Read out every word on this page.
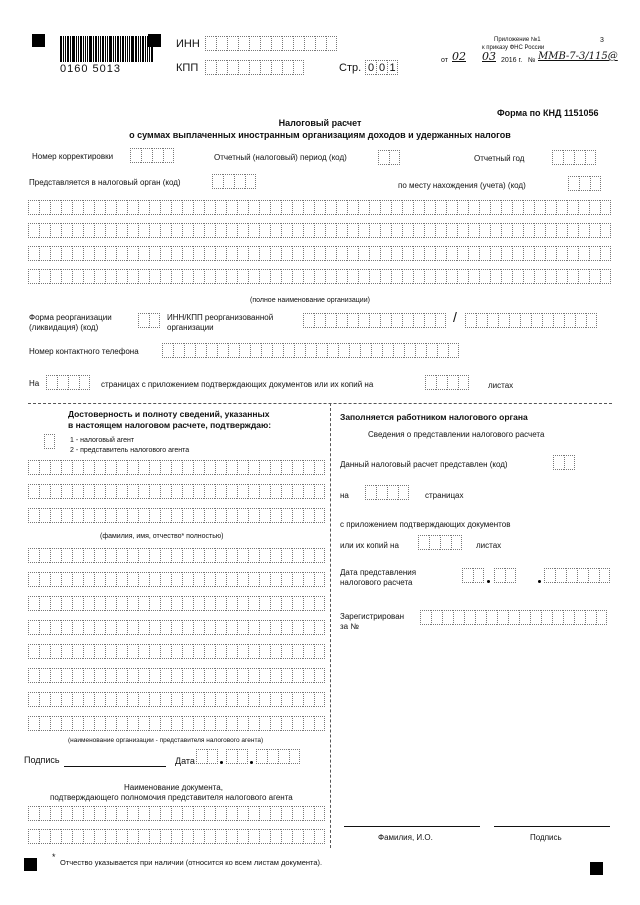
0160 5013
ИНН
КПП	Стр. 0 0 1
Приложение №1	3
к приказу ФНС России
от 02 03 2016 г. № ММВ-7-3/115@
Форма по КНД 1151056
Налоговый расчет
о суммах выплаченных иностранным организациям доходов и удержанных налогов
Номер корректировки	Отчетный (налоговый) период (код)	Отчетный год
Представляется в налоговый орган (код)	по месту нахождения (учета) (код)
(полное наименование организации)
Форма реорганизации
(ликвидация) (код)
ИНН/КПП реорганизованной
организации
/
Номер контактного телефона
На	страницах с приложением подтверждающих документов или их копий на	листах
Достоверность и полноту сведений, указанных
в настоящем налоговом расчете, подтверждаю:
1 - налоговый агент
2 - представитель налогового агента
(фамилия, имя, отчество* полностью)
(наименование организации - представителя налогового агента)
Подпись	Дата
Наименование документа,
подтверждающего полномочия представителя налогового агента
Заполняется работником налогового органа
Сведения о представлении налогового расчета
Данный налоговый расчет представлен (код)
на	страницах
с приложением подтверждающих документов
или их копий на	листах
Дата представления
налогового расчета
Зарегистрирован
за №
Фамилия, И.О.	Подпись
*
Отчество указывается при наличии (относится ко всем листам документа).
